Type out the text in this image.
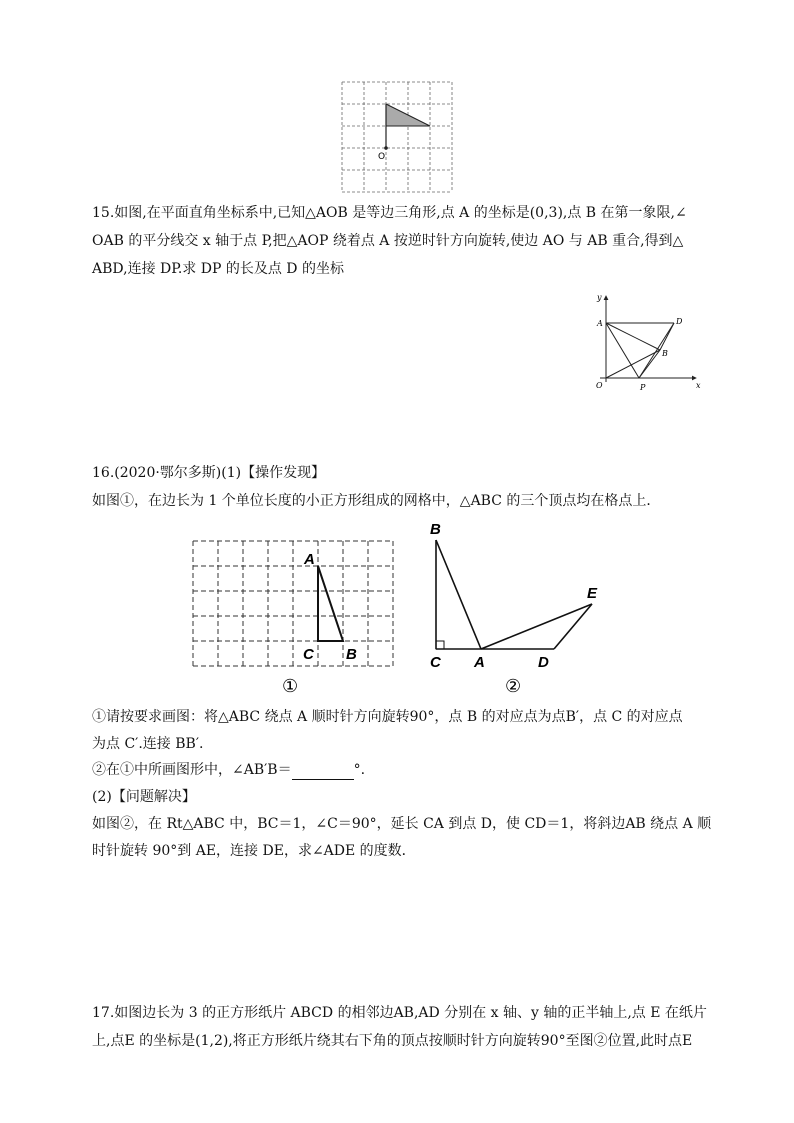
O
15.如图,在平面直角坐标系中,已知△AOB 是等边三角形,点 A 的坐标是(0,3),点 B 在第一象限,∠
OAB 的平分线交 x 轴于点 P,把△AOP 绕着点 A 按逆时针方向旋转,使边 AO 与 AB 重合,得到△
ABD,连接 DP.求 DP 的长及点 D 的坐标
y
x
A	D
B
O	P
16.(2020·鄂尔多斯)(1)【操作发现】
如图①，在边长为 1 个单位长度的小正方形组成的网格中，△ABC 的三个顶点均在格点上．
A
C B
①
B
E
C A	D
②
①请按要求画图：将△ABC 绕点 A 顺时针方向旋转90°，点 B 的对应点为点B′，点 C 的对应点
为点 C′.连接 BB′.
②在①中所画图形中，∠AB′B＝	°.
(2)【问题解决】
如图②，在 Rt△ABC 中，BC＝1，∠C＝90°，延长 CA 到点 D，使 CD＝1，将斜边AB 绕点 A 顺
时针旋转 90°到 AE，连接 DE，求∠ADE 的度数．
17.如图边长为 3 的正方形纸片 ABCD 的相邻边AB,AD 分别在 x 轴、y 轴的正半轴上,点 E 在纸片
上,点E 的坐标是(1,2),将正方形纸片绕其右下角的顶点按顺时针方向旋转90°至图②位置,此时点E
